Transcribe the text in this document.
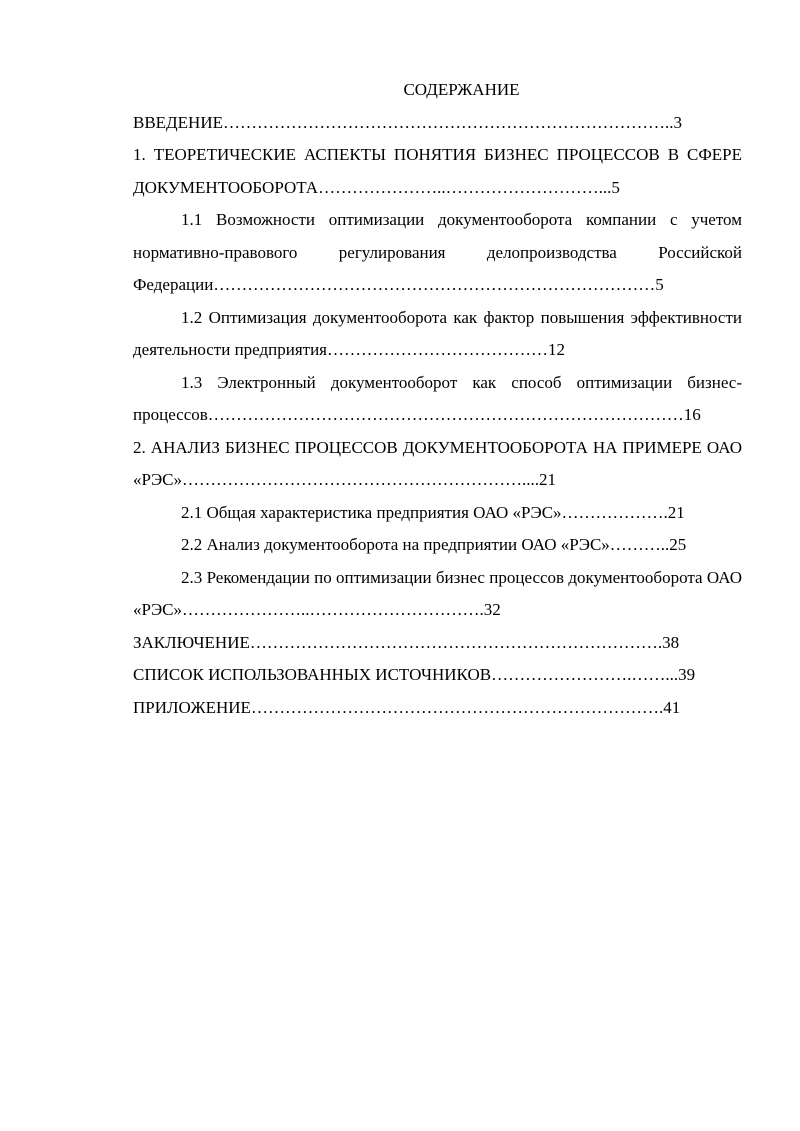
СОДЕРЖАНИЕ

ВВЕДЕНИЕ……………………………………………………………………..3

1. ТЕОРЕТИЧЕСКИЕ АСПЕКТЫ ПОНЯТИЯ БИЗНЕС ПРОЦЕССОВ В СФЕРЕ ДОКУМЕНТООБОРОТА…………………..………………………...5

1.1 Возможности оптимизации документооборота компании с учетом нормативно-правового регулирования делопроизводства Российской Федерации……………………………………………………………………5

1.2 Оптимизация документооборота как фактор повышения эффективности деятельности предприятия…………………………………12

1.3 Электронный документооборот как способ оптимизации бизнес-процессов…………………………………………………………………………16

2. АНАЛИЗ БИЗНЕС ПРОЦЕССОВ ДОКУМЕНТООБОРОТА НА ПРИМЕРЕ ОАО «РЭС»……………………………………………………....21

2.1 Общая характеристика предприятия ОАО «РЭС»……………….21

2.2 Анализ документооборота на предприятии ОАО «РЭС»………..25

2.3 Рекомендации по оптимизации бизнес процессов документооборота ОАО «РЭС»…………………..………………………….32

ЗАКЛЮЧЕНИЕ……………………………………………………………….38

СПИСОК ИСПОЛЬЗОВАННЫХ ИСТОЧНИКОВ…………………….……...39

ПРИЛОЖЕНИЕ……………………………………………………………….41
